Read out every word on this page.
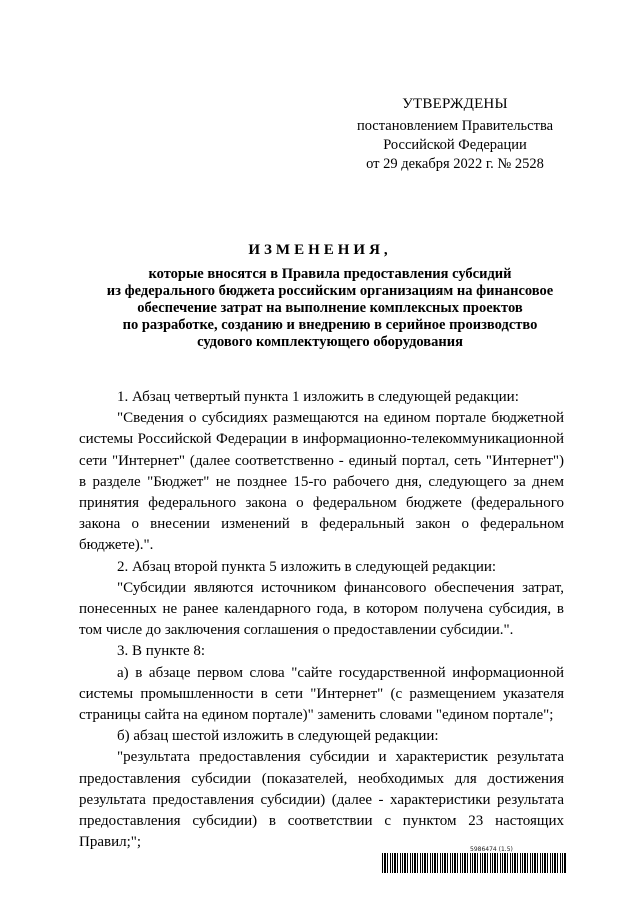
УТВЕРЖДЕНЫ
постановлением Правительства
Российской Федерации
от 29 декабря 2022 г. № 2528
ИЗМЕНЕНИЯ,
которые вносятся в Правила предоставления субсидий
из федерального бюджета российским организациям на финансовое
обеспечение затрат на выполнение комплексных проектов
по разработке, созданию и внедрению в серийное производство
судового комплектующего оборудования

1. Абзац четвертый пункта 1 изложить в следующей редакции:

"Сведения о субсидиях размещаются на едином портале бюджетной системы Российской Федерации в информационно-телекоммуникационной сети "Интернет" (далее соответственно - единый портал, сеть "Интернет") в разделе "Бюджет" не позднее 15-го рабочего дня, следующего за днем принятия федерального закона о федеральном бюджете (федерального закона о внесении изменений в федеральный закон о федеральном бюджете).".

2. Абзац второй пункта 5 изложить в следующей редакции:

"Субсидии являются источником финансового обеспечения затрат, понесенных не ранее календарного года, в котором получена субсидия, в том числе до заключения соглашения о предоставлении субсидии.".

3. В пункте 8:

а) в абзаце первом слова "сайте государственной информационной системы промышленности в сети "Интернет" (с размещением указателя страницы сайта на едином портале)" заменить словами "едином портале";

б) абзац шестой изложить в следующей редакции:

"результата предоставления субсидии и характеристик результата предоставления субсидии (показателей, необходимых для достижения результата предоставления субсидии) (далее - характеристики результата предоставления субсидии) в соответствии с пунктом 23 настоящих Правил;";	5986474 (1.5)
